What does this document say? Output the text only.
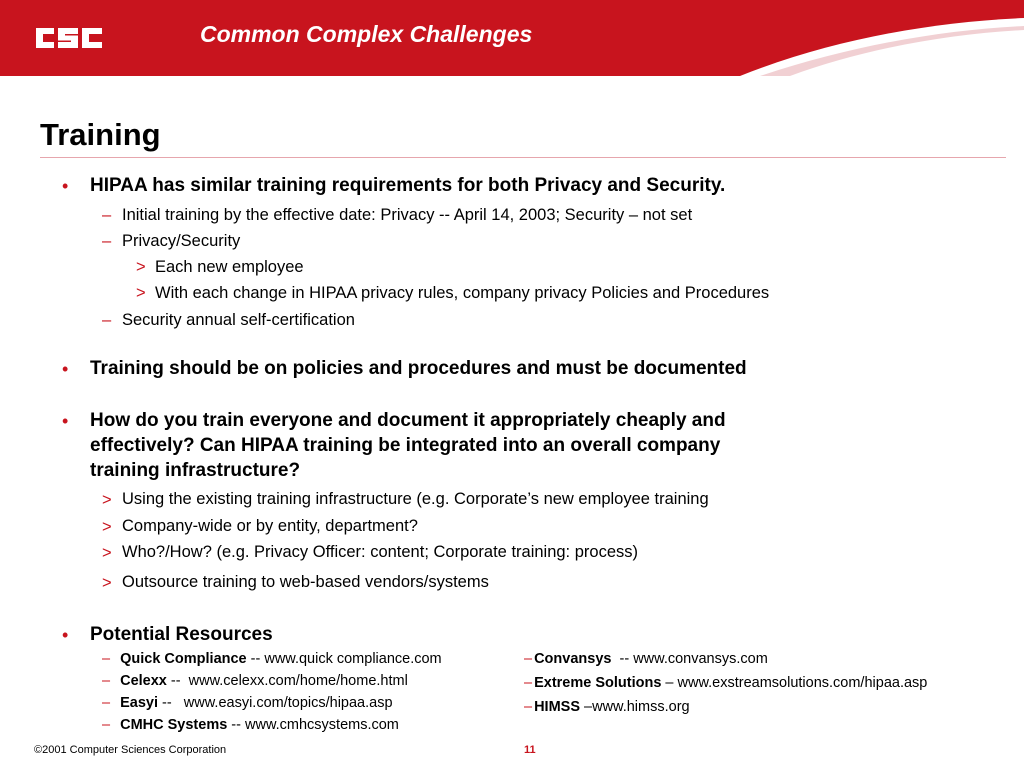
Common Complex Challenges
Training
• HIPAA has similar training requirements for both Privacy and Security.
– Initial training by the effective date: Privacy -- April 14, 2003; Security – not set
– Privacy/Security
> Each new employee
> With each change in HIPAA privacy rules, company privacy Policies and Procedures
– Security annual self-certification
• Training should be on policies and procedures and must be documented
• How do you train everyone and document it appropriately cheaply and
effectively? Can HIPAA training be integrated into an overall company
training infrastructure?
> Using the existing training infrastructure (e.g. Corporate’s new employee training
> Company-wide or by entity, department?
> Who?/How? (e.g. Privacy Officer: content; Corporate training: process)
> Outsource training to web-based vendors/systems
• Potential Resources
– Quick Compliance -- www.quick compliance.com
– Celexx --  www.celexx.com/home/home.html
– Easyi --   www.easyi.com/topics/hipaa.asp
– CMHC Systems -- www.cmhcsystems.com
– Convansys  -- www.convansys.com
– Extreme Solutions – www.exstreamsolutions.com/hipaa.asp
– HIMSS –www.himss.org
©2001 Computer Sciences Corporation	11
